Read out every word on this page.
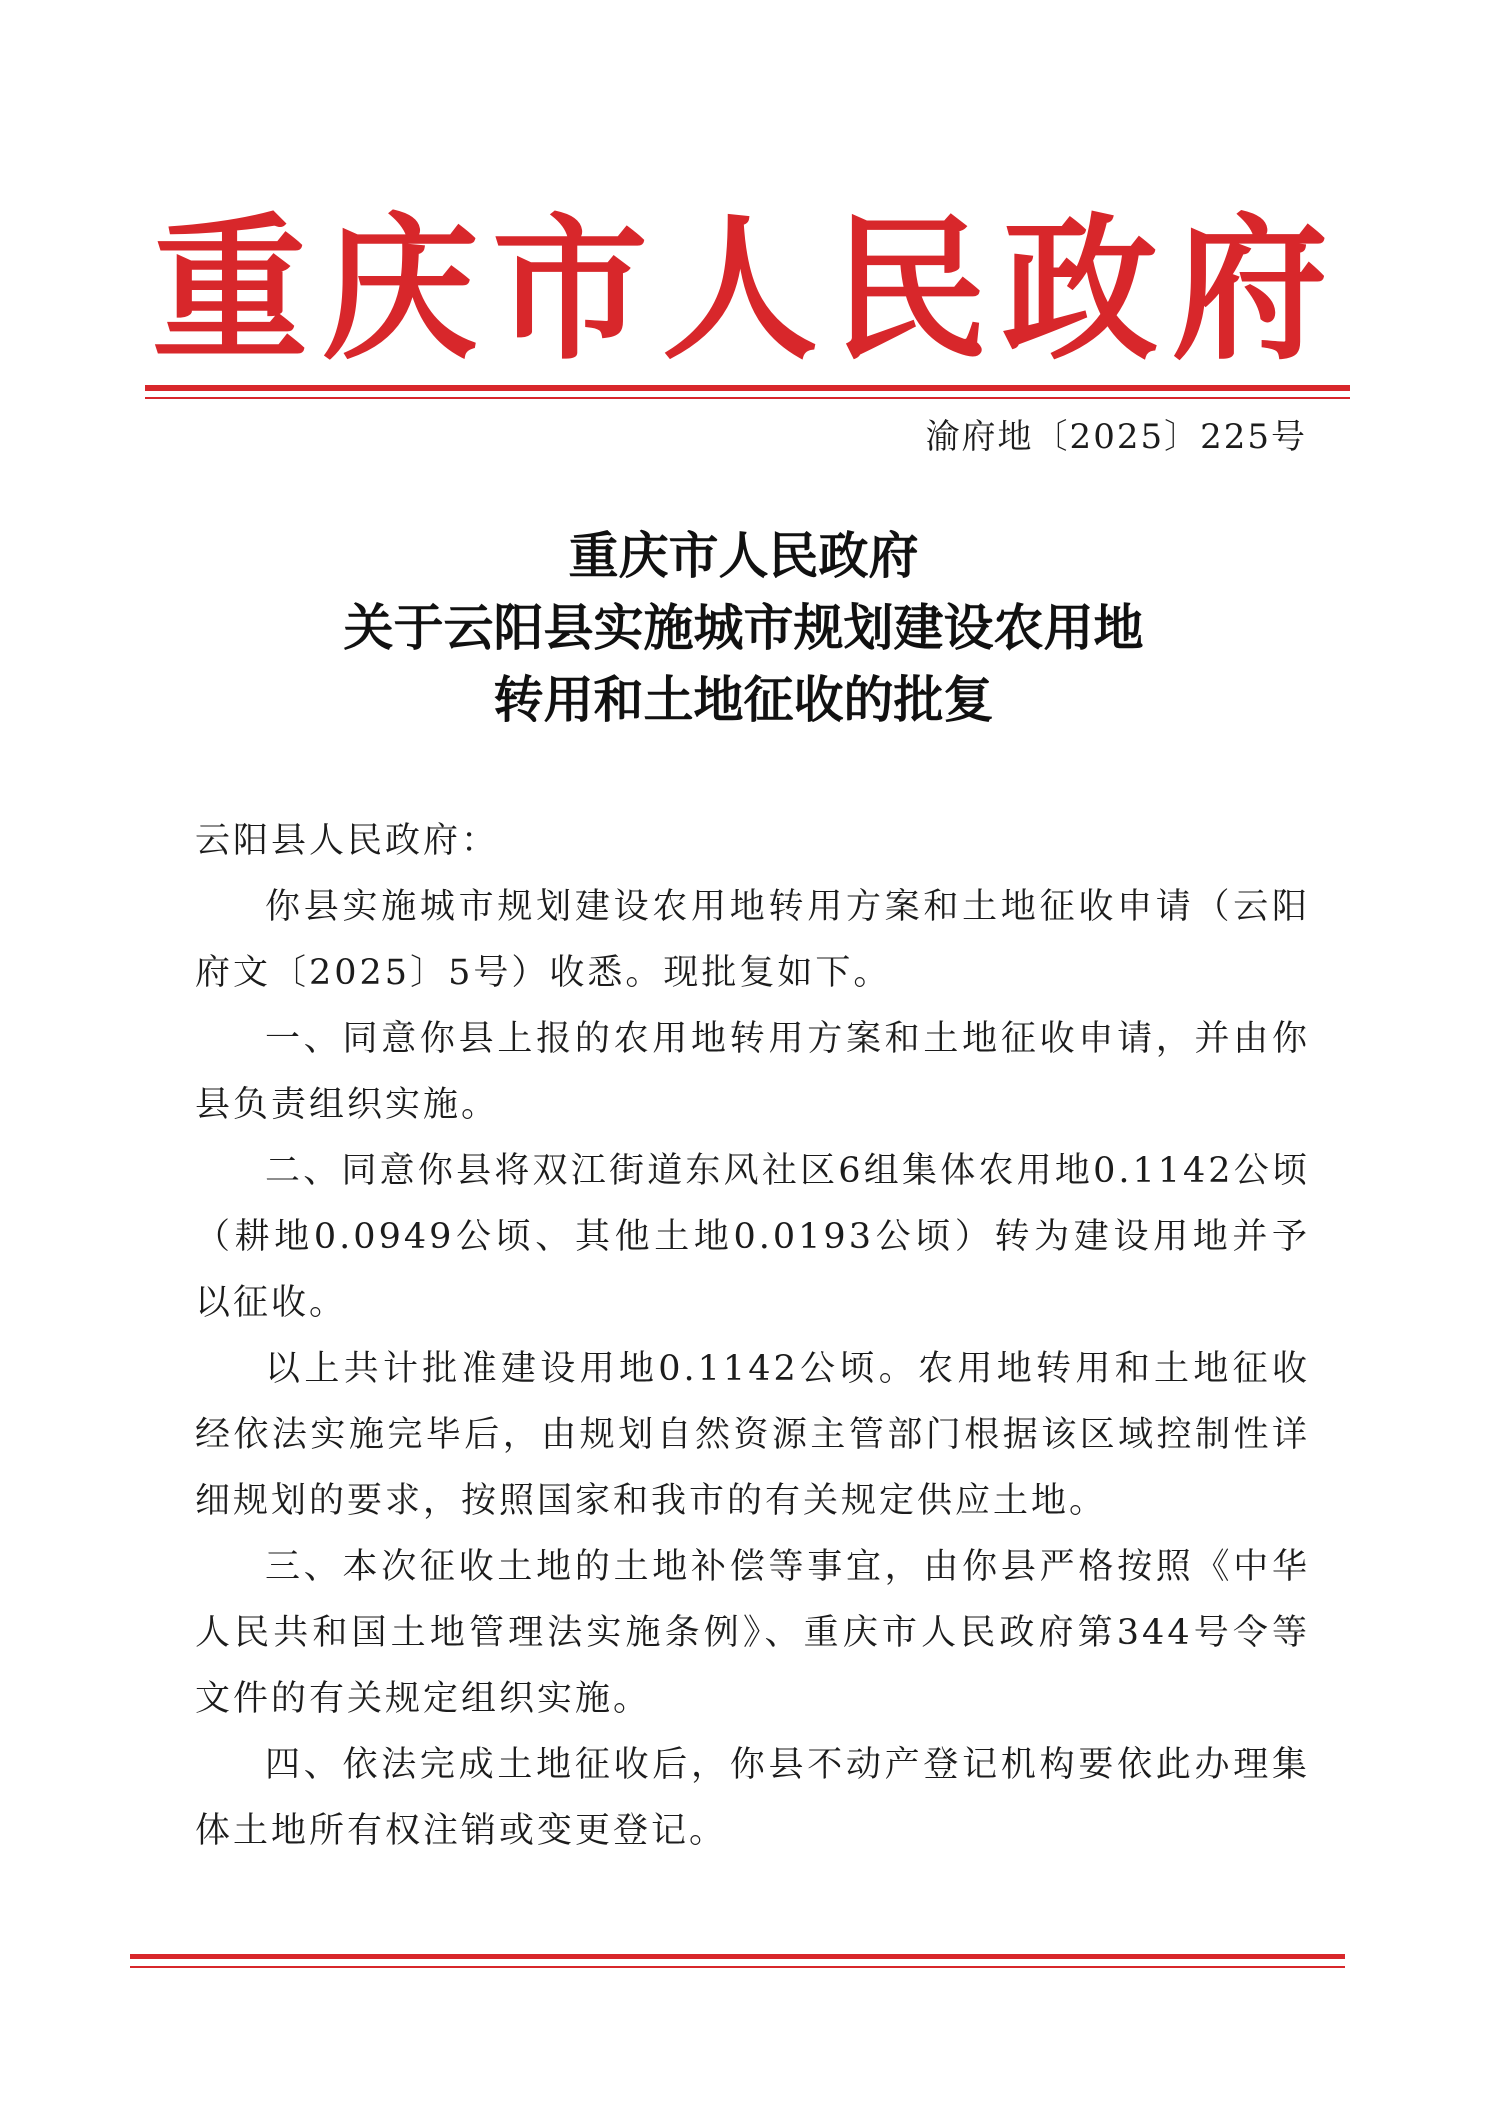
重 庆 市 人 民 政 府
渝府地〔2025〕225号
重庆市人民政府
关于云阳县实施城市规划建设农用地
转用和土地征收的批复

云阳县人民政府：

你县实施城市规划建设农用地转用方案和土地征收申请（云阳府文〔2025〕5号）收悉。现批复如下。

一、同意你县上报的农用地转用方案和土地征收申请，并由你县负责组织实施。

二、同意你县将双江街道东风社区6组集体农用地0.1142公顷（耕地0.0949公顷、其他土地0.0193公顷）转为建设用地并予以征收。

以上共计批准建设用地0.1142公顷。农用地转用和土地征收经依法实施完毕后，由规划自然资源主管部门根据该区域控制性详细规划的要求，按照国家和我市的有关规定供应土地。

三、本次征收土地的土地补偿等事宜，由你县严格按照《中华人民共和国土地管理法实施条例》、重庆市人民政府第344号令等文件的有关规定组织实施。

四、依法完成土地征收后，你县不动产登记机构要依此办理集体土地所有权注销或变更登记。
